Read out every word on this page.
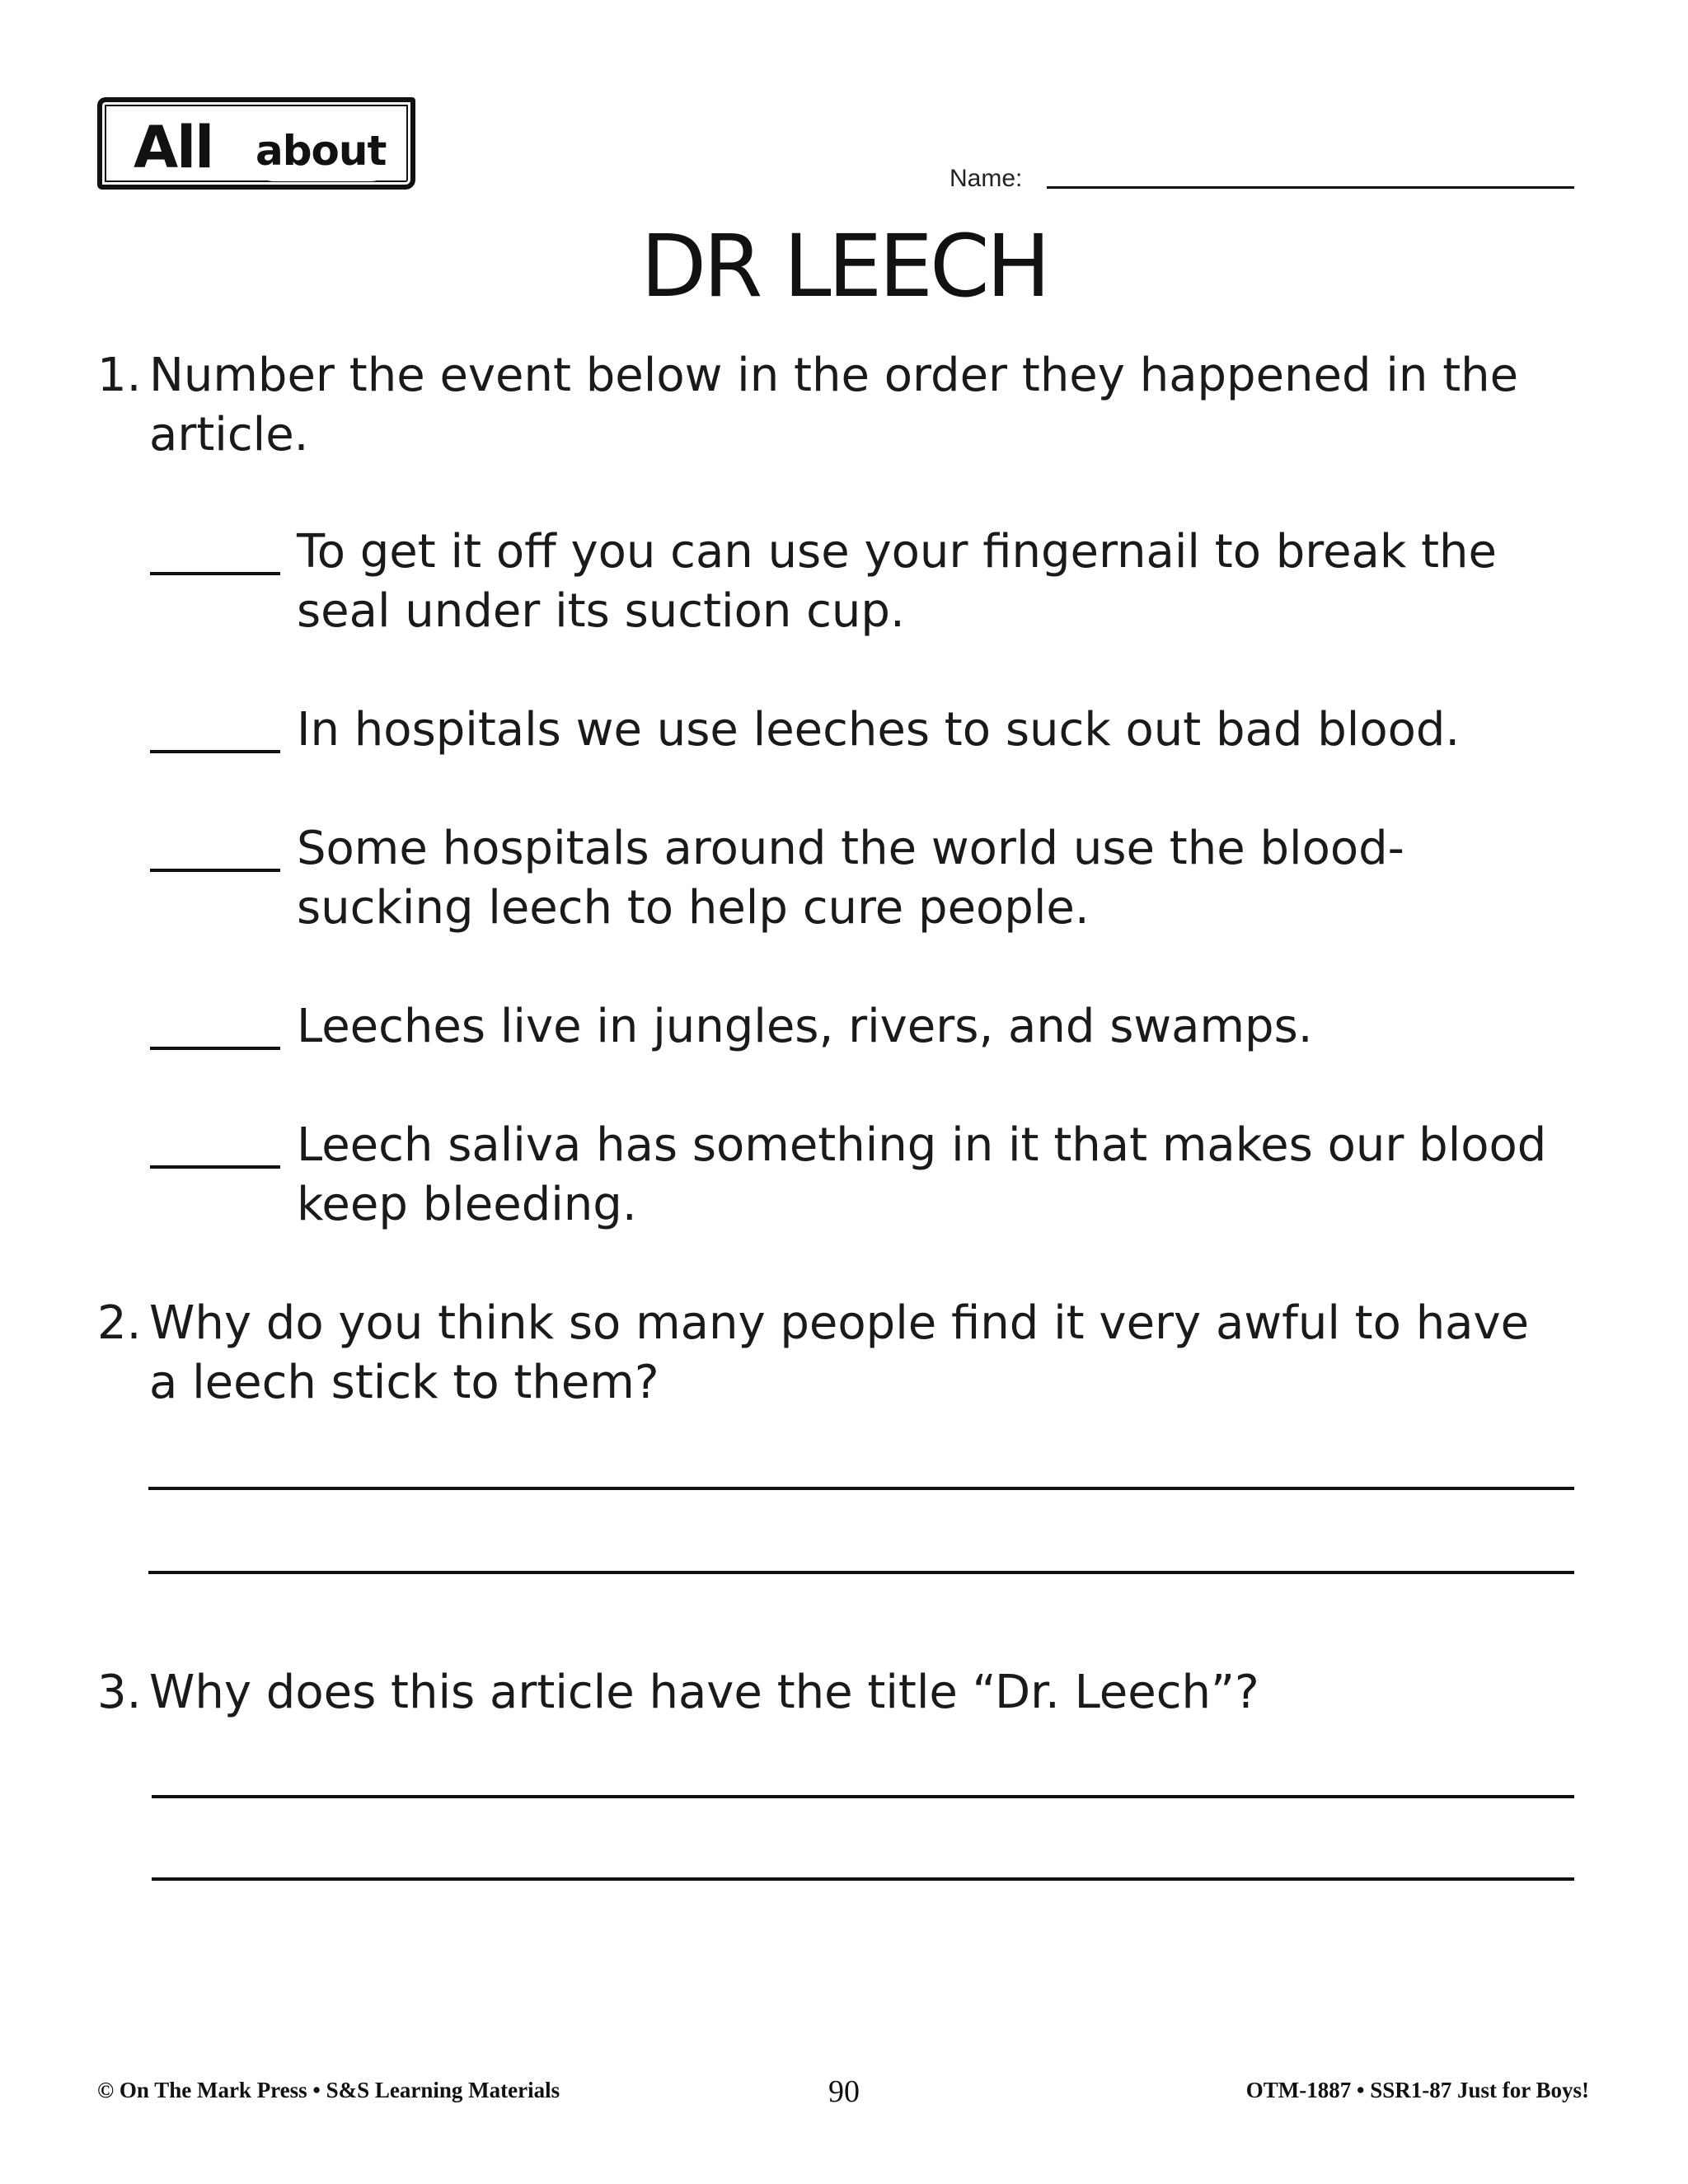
All about
Name:
DR LEECH
1. Number the event below in the order they happened in the article.
To get it off you can use your fingernail to break the seal under its suction cup.
In hospitals we use leeches to suck out bad blood.
Some hospitals around the world use the blood-sucking leech to help cure people.
Leeches live in jungles, rivers, and swamps.
Leech saliva has something in it that makes our blood keep bleeding.
2. Why do you think so many people find it very awful to have a leech stick to them?
3. Why does this article have the title “Dr. Leech”?
© On The Mark Press • S&S Learning Materials	90	OTM-1887 • SSR1-87 Just for Boys!
